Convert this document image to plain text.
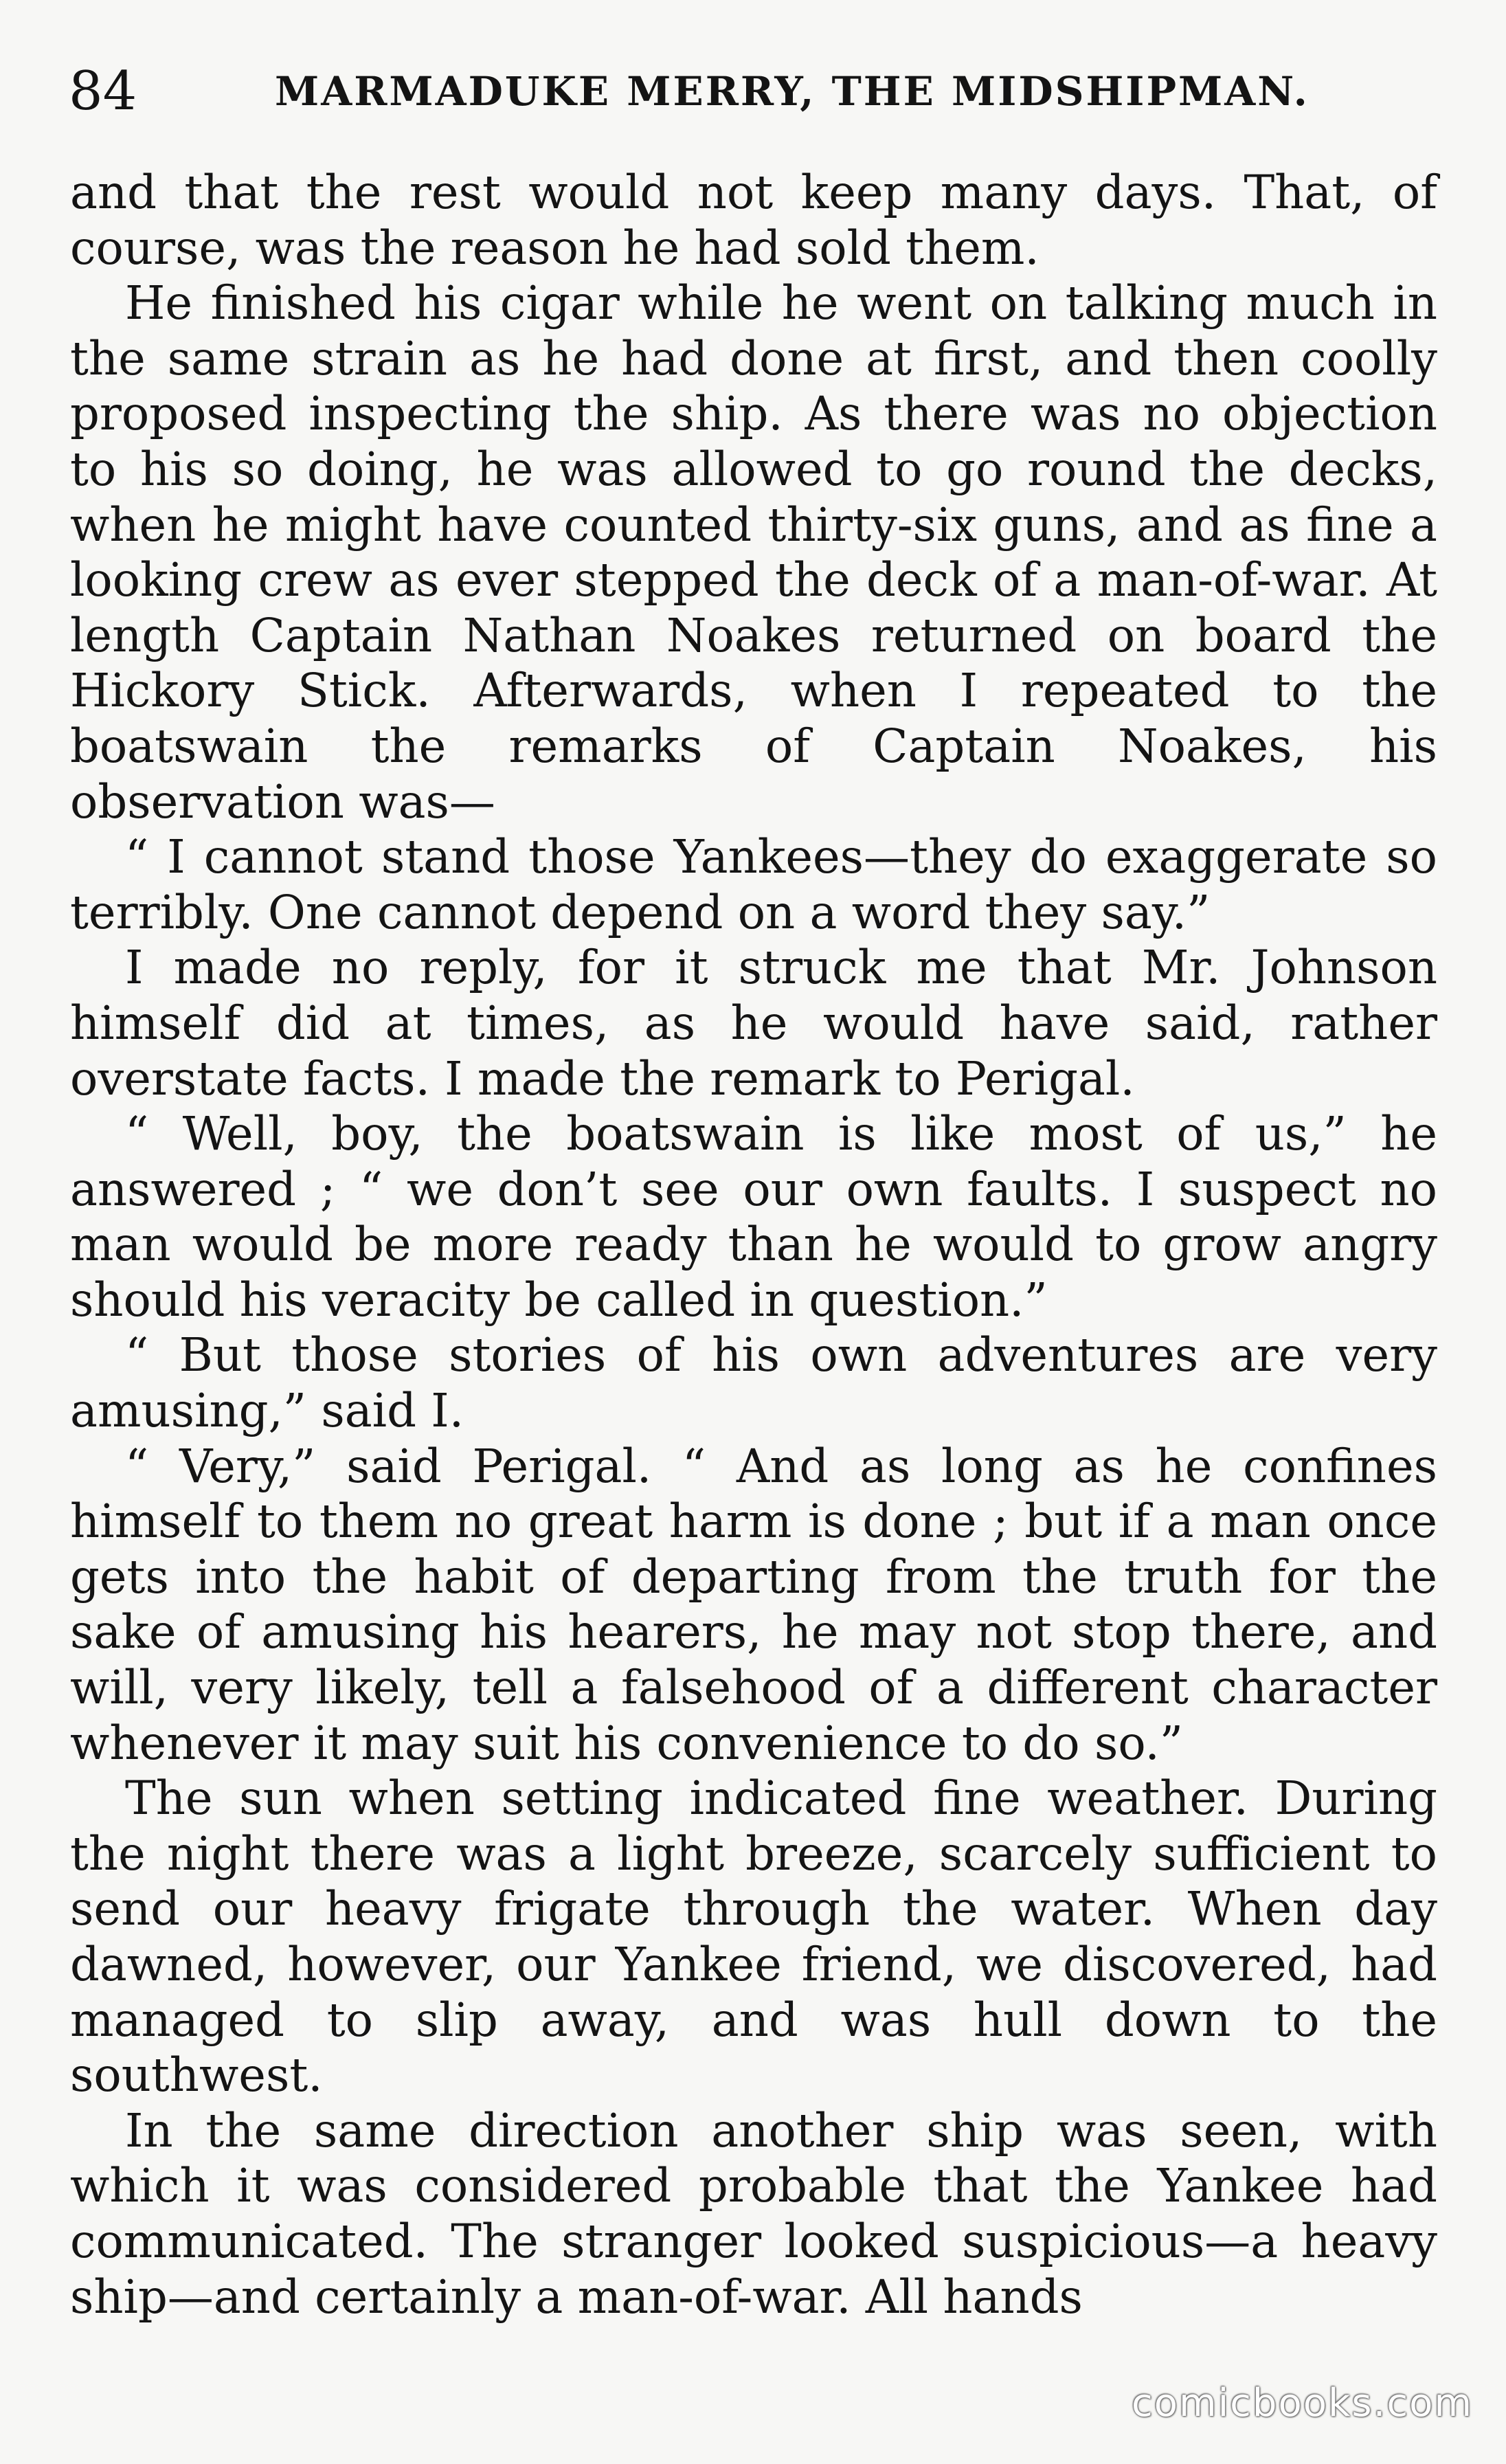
84	MARMADUKE MERRY, THE MIDSHIPMAN.

and that the rest would not keep many days. That, of course, was the reason he had sold them.

He finished his cigar while he went on talking much in the same strain as he had done at first, and then coolly proposed inspecting the ship. As there was no objection to his so doing, he was allowed to go round the decks, when he might have counted thirty-six guns, and as fine a looking crew as ever stepped the deck of a man-of-war. At length Captain Nathan Noakes returned on board the Hickory Stick. Afterwards, when I repeated to the boatswain the remarks of Captain Noakes, his observation was—

“ I cannot stand those Yankees—they do exaggerate so terribly. One cannot depend on a word they say.”

I made no reply, for it struck me that Mr. Johnson himself did at times, as he would have said, rather overstate facts. I made the remark to Perigal.

“ Well, boy, the boatswain is like most of us,” he answered ; “ we don’t see our own faults. I suspect no man would be more ready than he would to grow angry should his veracity be called in question.”

“ But those stories of his own adventures are very amusing,” said I.

“ Very,” said Perigal. “ And as long as he confines himself to them no great harm is done ; but if a man once gets into the habit of departing from the truth for the sake of amusing his hearers, he may not stop there, and will, very likely, tell a falsehood of a different character whenever it may suit his convenience to do so.”

The sun when setting indicated fine weather. During the night there was a light breeze, scarcely sufficient to send our heavy frigate through the water. When day dawned, however, our Yankee friend, we discovered, had managed to slip away, and was hull down to the southwest.

In the same direction another ship was seen, with which it was considered probable that the Yankee had communicated. The stranger looked suspicious—a heavy ship—and certainly a man-of-war. All hands

comicbooks.com
